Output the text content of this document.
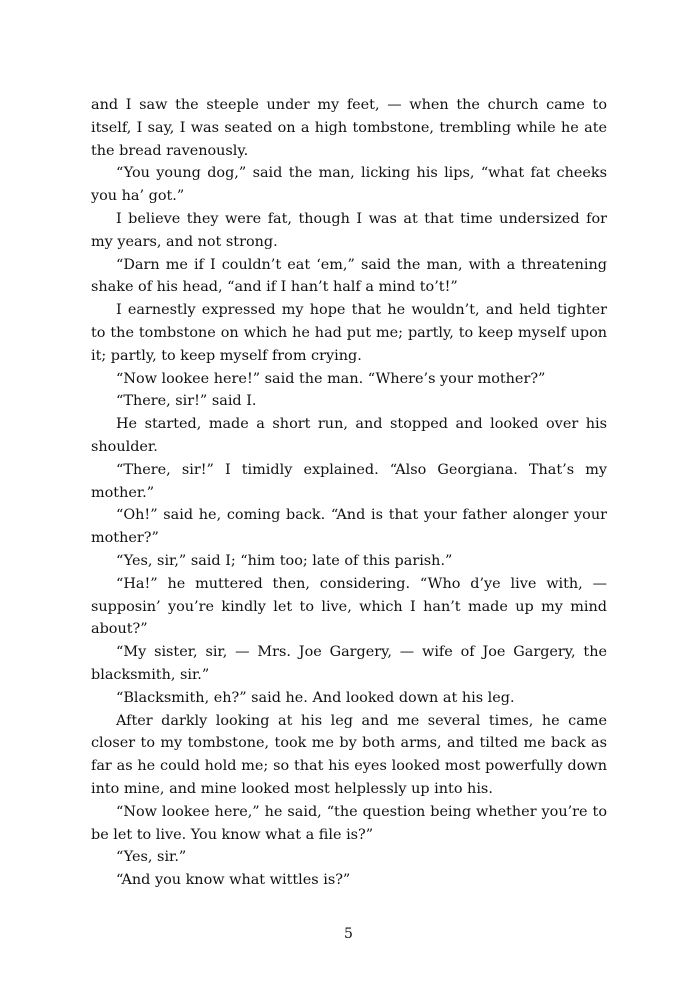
and I saw the steeple under my feet, — when the church came to itself, I say, I was seated on a high tombstone, trembling while he ate the bread ravenously.

“You young dog,” said the man, licking his lips, “what fat cheeks you ha’ got.”

I believe they were fat, though I was at that time undersized for my years, and not strong.

“Darn me if I couldn’t eat ‘em,” said the man, with a threatening shake of his head, “and if I han’t half a mind to’t!”

I earnestly expressed my hope that he wouldn’t, and held tighter to the tombstone on which he had put me; partly, to keep myself upon it; partly, to keep myself from crying.

“Now lookee here!” said the man. “Where’s your mother?”

“There, sir!” said I.

He started, made a short run, and stopped and looked over his shoulder.

“There, sir!” I timidly explained. “Also Georgiana. That’s my mother.”

“Oh!” said he, coming back. “And is that your father alonger your mother?”

“Yes, sir,” said I; “him too; late of this parish.”

“Ha!” he muttered then, considering. “Who d’ye live with, — supposin’ you’re kindly let to live, which I han’t made up my mind about?”

“My sister, sir, — Mrs. Joe Gargery, — wife of Joe Gargery, the blacksmith, sir.”

“Blacksmith, eh?” said he. And looked down at his leg.

After darkly looking at his leg and me several times, he came closer to my tombstone, took me by both arms, and tilted me back as far as he could hold me; so that his eyes looked most powerfully down into mine, and mine looked most helplessly up into his.

“Now lookee here,” he said, “the question being whether you’re to be let to live. You know what a file is?”

“Yes, sir.”

“And you know what wittles is?”

5
